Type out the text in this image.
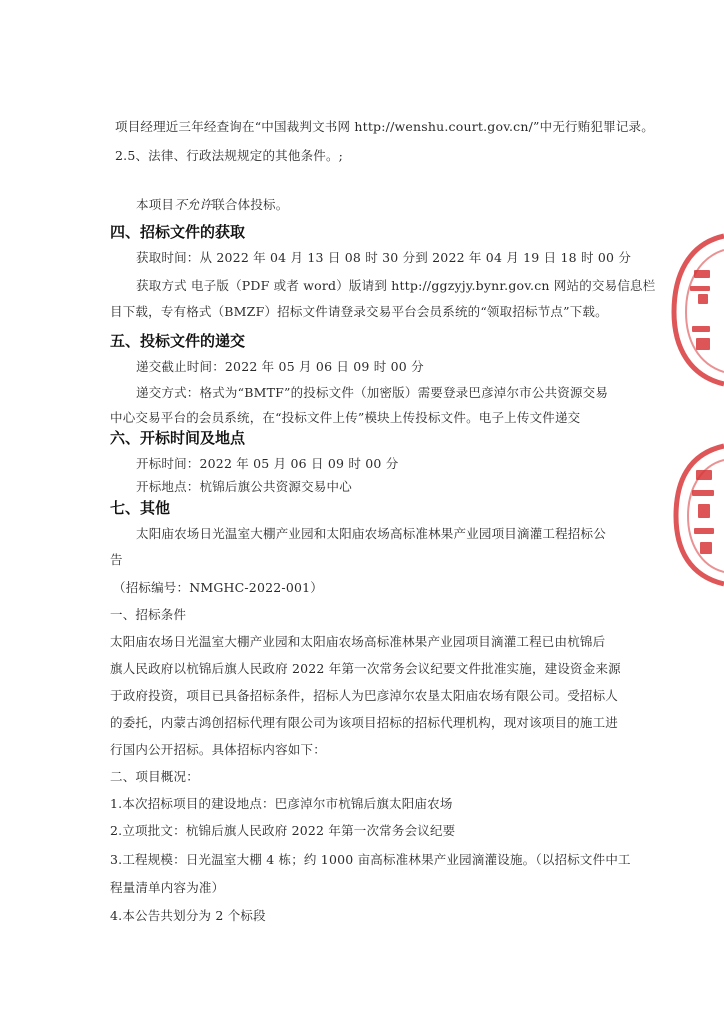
项目经理近三年经查询在“中国裁判文书网 http://wenshu.court.gov.cn/”中无行贿犯罪记录。
2.5、法律、行政法规规定的其他条件。;
本项目不允许联合体投标。
四、招标文件的获取
获取时间：从 2022 年 04 月 13 日 08 时 30 分到 2022 年 04 月 19 日 18 时 00 分
获取方式 电子版（PDF 或者 word）版请到 http://ggzyjy.bynr.gov.cn 网站的交易信息栏
目下载，专有格式（BMZF）招标文件请登录交易平台会员系统的“领取招标节点”下载。
五、投标文件的递交
递交截止时间：2022 年 05 月 06 日 09 时 00 分
递交方式：格式为“BMTF”的投标文件（加密版）需要登录巴彦淖尔市公共资源交易
中心交易平台的会员系统，在“投标文件上传”模块上传投标文件。电子上传文件递交
六、开标时间及地点
开标时间：2022 年 05 月 06 日 09 时 00 分
开标地点：杭锦后旗公共资源交易中心
七、其他
太阳庙农场日光温室大棚产业园和太阳庙农场高标准林果产业园项目滴灌工程招标公
告
（招标编号：NMGHC-2022-001）
一、招标条件
太阳庙农场日光温室大棚产业园和太阳庙农场高标准林果产业园项目滴灌工程已由杭锦后
旗人民政府以杭锦后旗人民政府 2022 年第一次常务会议纪要文件批准实施，建设资金来源
于政府投资，项目已具备招标条件，招标人为巴彦淖尔农垦太阳庙农场有限公司。受招标人
的委托，内蒙古鸿创招标代理有限公司为该项目招标的招标代理机构，现对该项目的施工进
行国内公开招标。具体招标内容如下：
二、项目概况：
1.本次招标项目的建设地点：巴彦淖尔市杭锦后旗太阳庙农场
2.立项批文：杭锦后旗人民政府 2022 年第一次常务会议纪要
3.工程规模：日光温室大棚 4 栋；约 1000 亩高标准林果产业园滴灌设施。（以招标文件中工
程量清单内容为准）
4.本公告共划分为 2 个标段
